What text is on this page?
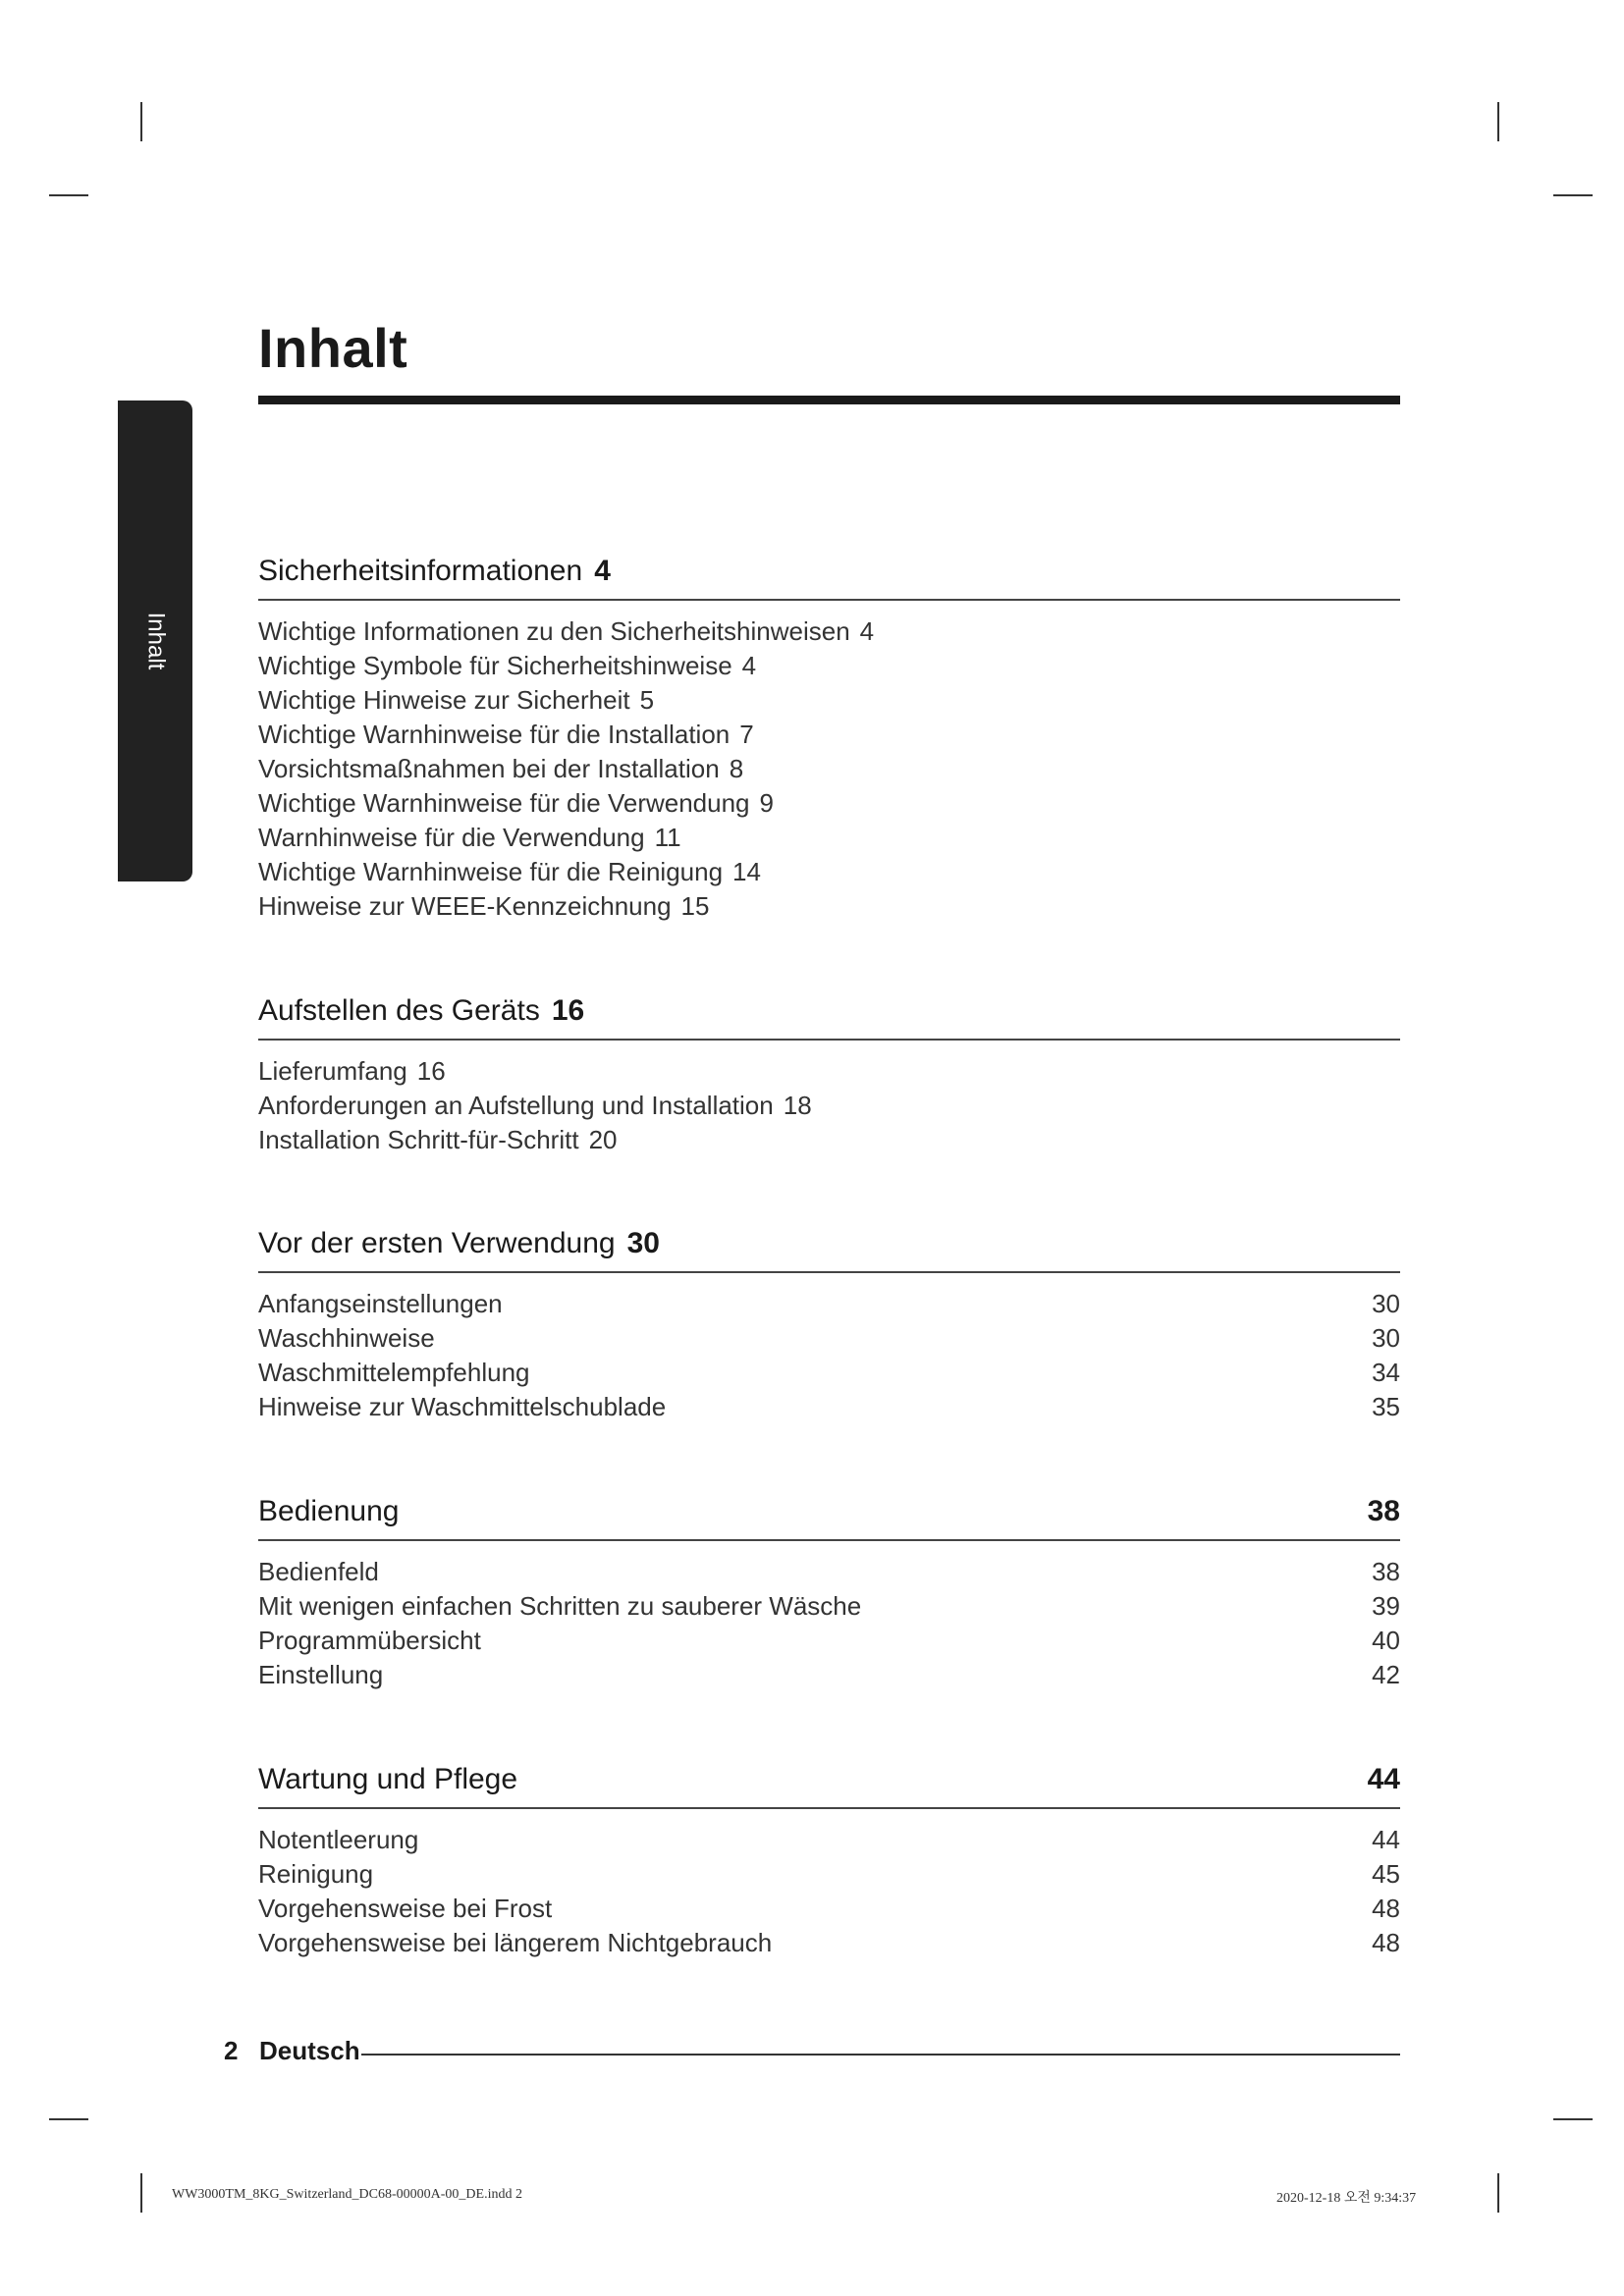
Inhalt
Inhalt
Sicherheitsinformationen 4
Wichtige Informationen zu den Sicherheitshinweisen 4
Wichtige Symbole für Sicherheitshinweise 4
Wichtige Hinweise zur Sicherheit 5
Wichtige Warnhinweise für die Installation 7
Vorsichtsmaßnahmen bei der Installation 8
Wichtige Warnhinweise für die Verwendung 9
Warnhinweise für die Verwendung 11
Wichtige Warnhinweise für die Reinigung 14
Hinweise zur WEEE-Kennzeichnung 15
Aufstellen des Geräts 16
Lieferumfang 16
Anforderungen an Aufstellung und Installation 18
Installation Schritt-für-Schritt 20
Vor der ersten Verwendung 30
Anfangseinstellungen	30
Waschhinweise	30
Waschmittelempfehlung	34
Hinweise zur Waschmittelschublade	35
Bedienung	38
Bedienfeld	38
Mit wenigen einfachen Schritten zu sauberer Wäsche	39
Programmübersicht	40
Einstellung	42
Wartung und Pflege	44
Notentleerung	44
Reinigung	45
Vorgehensweise bei Frost	48
Vorgehensweise bei längerem Nichtgebrauch	48
2 Deutsch
WW3000TM_8KG_Switzerland_DC68-00000A-00_DE.indd 2	2020-12-18 오전 9:34:37
